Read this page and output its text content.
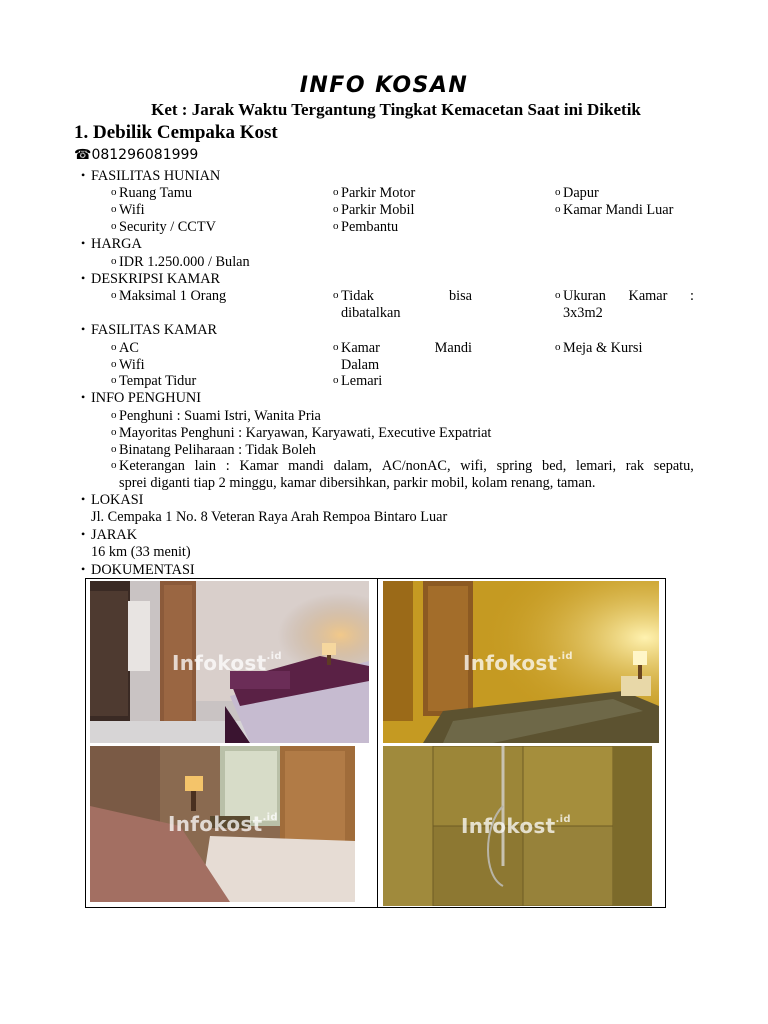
INFO KOSAN
Ket : Jarak Waktu Tergantung Tingkat Kemacetan Saat ini Diketik
1. Debilik Cempaka Kost
☎081296081999
• FASILITAS HUNIAN
o Ruang Tamu
o Wifi
o Security / CCTV
o Parkir Motor
o Parkir Mobil
o Pembantu
o Dapur
o Kamar Mandi Luar
• HARGA
o IDR 1.250.000 / Bulan
• DESKRIPSI KAMAR
o Maksimal 1 Orang
o	Tidak	bisa
dibatalkan
o Ukuran Kamar :
3x3m2
• FASILITAS KAMAR
o AC
o Wifi
o Tempat Tidur
o Kamar	Mandi
Dalam
o Lemari
o Meja & Kursi
• INFO PENGHUNI
o Penghuni : Suami Istri, Wanita Pria
o Mayoritas Penghuni : Karyawan, Karyawati, Executive Expatriat
o Binatang Peliharaan : Tidak Boleh
o Keterangan lain : Kamar mandi dalam, AC/nonAC, wifi, spring bed, lemari, rak sepatu,
sprei diganti tiap 2 minggu, kamar dibersihkan, parkir mobil, kolam renang, taman.
• LOKASI
Jl. Cempaka 1 No. 8 Veteran Raya Arah Rempoa Bintaro Luar
• JARAK
16 km (33 menit)
• DOKUMENTASI
Infokost$^{.id}$	Infokost$^{.id}$
Infokost$^{.id}$	Infokost$^{.id}$
